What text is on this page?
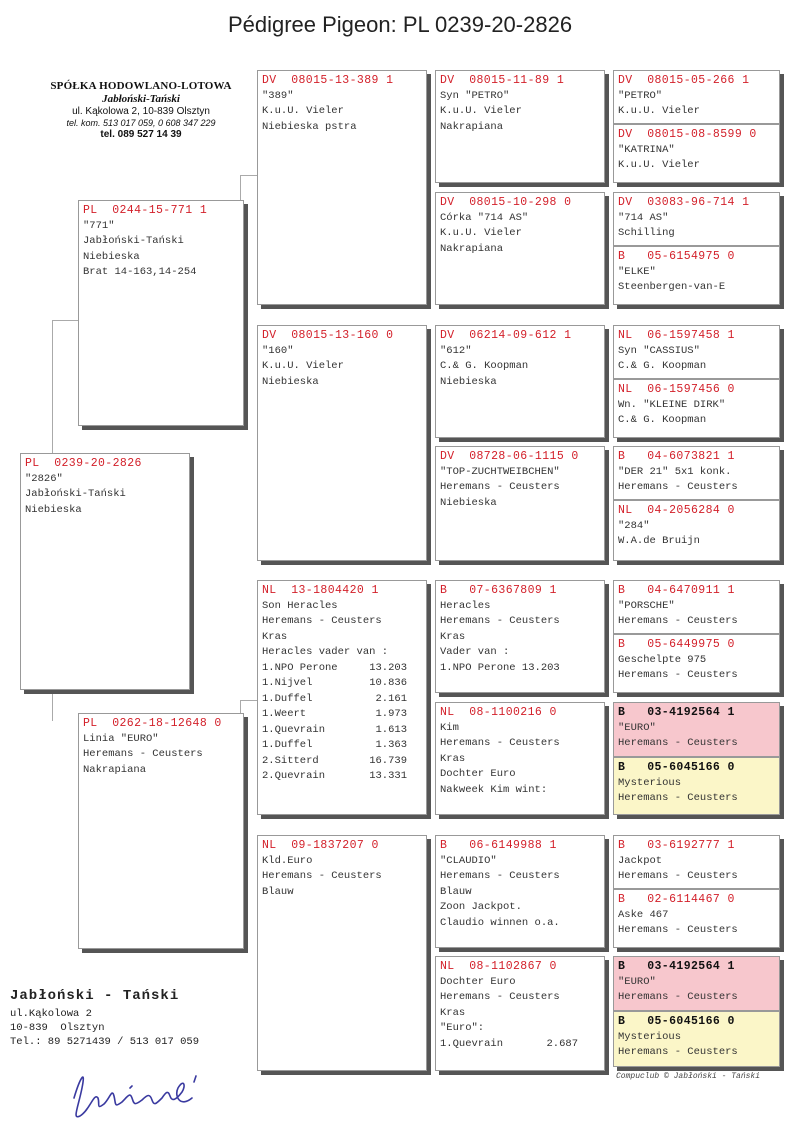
Pédigree Pigeon: PL 0239-20-2826
SPÓŁKA HODOWLANO-LOTOWA
Jabłoński-Tański
ul. Kąkolowa 2, 10-839 Olsztyn
tel. kom. 513 017 059, 0 608 347 229
tel. 089 527 14 39
PL  0239-20-2826
"2826"
Jabłoński-Tański
Niebieska
PL  0244-15-771 1
"771"
Jabłoński-Tański
Niebieska
Brat 14-163,14-254
PL  0262-18-12648 0
Linia "EURO"
Heremans - Ceusters
Nakrapiana
DV  08015-13-389 1
"389"
K.u.U. Vieler
Niebieska pstra
DV  08015-13-160 0
"160"
K.u.U. Vieler
Niebieska
NL  13-1804420 1
Son Heracles
Heremans - Ceusters
Kras
Heracles vader van :
1.NPO Perone	13.203
1.Nijvel	10.836
1.Duffel	2.161
1.Weert	1.973
1.Quevrain	1.613
1.Duffel	1.363
2.Sitterd	16.739
2.Quevrain	13.331
NL  09-1837207 0
Kld.Euro
Heremans - Ceusters
Blauw
DV  08015-11-89 1
Syn "PETRO"
K.u.U. Vieler
Nakrapiana
DV  08015-10-298 0
Córka "714 AS"
K.u.U. Vieler
Nakrapiana
DV  06214-09-612 1
"612"
C.& G. Koopman
Niebieska
DV  08728-06-1115 0
"TOP-ZUCHTWEIBCHEN"
Heremans - Ceusters
Niebieska
B   07-6367809 1
Heracles
Heremans - Ceusters
Kras
Vader van :
1.NPO Perone 13.203
NL  08-1100216 0
Kim
Heremans - Ceusters
Kras
Dochter Euro
Nakweek Kim wint:
B   06-6149988 1
"CLAUDIO"
Heremans - Ceusters
Blauw
Zoon Jackpot.
Claudio winnen o.a.
NL  08-1102867 0
Dochter Euro
Heremans - Ceusters
Kras
"Euro":
1.Quevrain	2.687
DV  08015-05-266 1
"PETRO"
K.u.U. Vieler
DV  08015-08-8599 0
"KATRINA"
K.u.U. Vieler
DV  03083-96-714 1
"714 AS"
Schilling
B   05-6154975 0
"ELKE"
Steenbergen-van-E
NL  06-1597458 1
Syn "CASSIUS"
C.& G. Koopman
NL  06-1597456 0
Wn. "KLEINE DIRK"
C.& G. Koopman
B   04-6073821 1
"DER 21" 5x1 konk.
Heremans - Ceusters
NL  04-2056284 0
"284"
W.A.de Bruijn
B   04-6470911 1
"PORSCHE"
Heremans - Ceusters
B   05-6449975 0
Geschelpte 975
Heremans - Ceusters
B   03-4192564 1
"EURO"
Heremans - Ceusters
B   05-6045166 0
Mysterious
Heremans - Ceusters
B   03-6192777 1
Jackpot
Heremans - Ceusters
B   02-6114467 0
Aske 467
Heremans - Ceusters
B   03-4192564 1
"EURO"
Heremans - Ceusters
B   05-6045166 0
Mysterious
Heremans - Ceusters
Jabłoński - Tański
ul.Kąkolowa 2
10-839  Olsztyn
Tel.: 89 5271439 / 513 017 059
Compuclub © Jabłoński - Tański
